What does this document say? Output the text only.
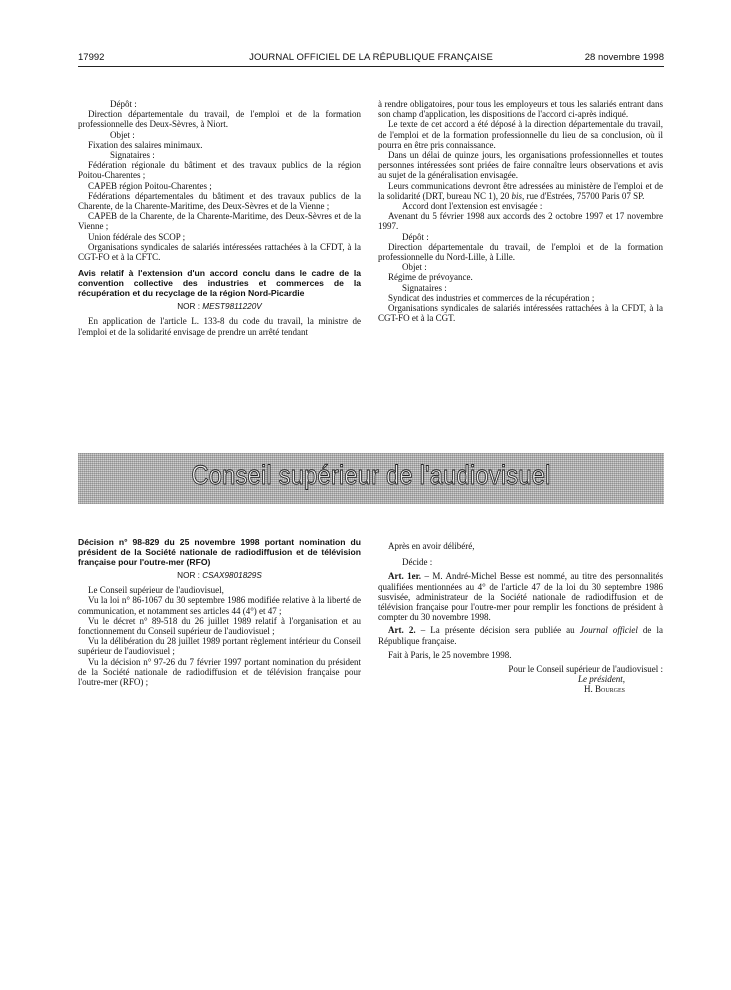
JOURNAL OFFICIEL DE LA RÉPUBLIQUE FRANÇAISE
17992	28 novembre 1998

Dépôt :

Direction départementale du travail, de l'emploi et de la formation professionnelle des Deux-Sèvres, à Niort.

Objet :

Fixation des salaires minimaux.

Signataires :

Fédération régionale du bâtiment et des travaux publics de la région Poitou-Charentes ;

CAPEB région Poitou-Charentes ;

Fédérations départementales du bâtiment et des travaux publics de la Charente, de la Charente-Maritime, des Deux-Sèvres et de la Vienne ;

CAPEB de la Charente, de la Charente-Maritime, des Deux-Sèvres et de la Vienne ;

Union fédérale des SCOP ;

Organisations syndicales de salariés intéressées rattachées à la CFDT, à la CGT-FO et à la CFTC.

Avis relatif à l'extension d'un accord conclu dans le cadre de la convention collective des industries et commerces de la récupération et du recyclage de la région Nord-Picardie

NOR : MESТ9811220V

En application de l'article L. 133-8 du code du travail, la ministre de l'emploi et de la solidarité envisage de prendre un arrêté tendant

à rendre obligatoires, pour tous les employeurs et tous les salariés entrant dans son champ d'application, les dispositions de l'accord ci-après indiqué.

Le texte de cet accord a été déposé à la direction départementale du travail, de l'emploi et de la formation professionnelle du lieu de sa conclusion, où il pourra en être pris connaissance.

Dans un délai de quinze jours, les organisations professionnelles et toutes personnes intéressées sont priées de faire connaître leurs observations et avis au sujet de la généralisation envisagée.

Leurs communications devront être adressées au ministère de l'emploi et de la solidarité (DRT, bureau NC 1), 20 bis, rue d'Estrées, 75700 Paris 07 SP.

Accord dont l'extension est envisagée :

Avenant du 5 février 1998 aux accords des 2 octobre 1997 et 17 novembre 1997.

Dépôt :

Direction départementale du travail, de l'emploi et de la formation professionnelle du Nord-Lille, à Lille.

Objet :

Régime de prévoyance.

Signataires :

Syndicat des industries et commerces de la récupération ;

Organisations syndicales de salariés intéressées rattachées à la CFDT, à la CGT-FO et à la CGT.

Conseil supérieur de l'audiovisuel

Décision n° 98-829 du 25 novembre 1998 portant nomination du président de la Société nationale de radiodiffusion et de télévision française pour l'outre-mer (RFO)

NOR : CSAX9801829S

Le Conseil supérieur de l'audiovisuel,

Vu la loi n° 86-1067 du 30 septembre 1986 modifiée relative à la liberté de communication, et notamment ses articles 44 (4°) et 47 ;

Vu le décret n° 89-518 du 26 juillet 1989 relatif à l'organisation et au fonctionnement du Conseil supérieur de l'audiovisuel ;

Vu la délibération du 28 juillet 1989 portant règlement intérieur du Conseil supérieur de l'audiovisuel ;

Vu la décision n° 97-26 du 7 février 1997 portant nomination du président de la Société nationale de radiodiffusion et de télévision française pour l'outre-mer (RFO) ;

Après en avoir délibéré,

Décide :

Art. 1er. – M. André-Michel Besse est nommé, au titre des personnalités qualifiées mentionnées au 4° de l'article 47 de la loi du 30 septembre 1986 susvisée, administrateur de la Société nationale de radiodiffusion et de télévision française pour l'outre-mer pour remplir les fonctions de président à compter du 30 novembre 1998.

Art. 2. – La présente décision sera publiée au Journal officiel de la République française.

Fait à Paris, le 25 novembre 1998.

Pour le Conseil supérieur de l'audiovisuel :

Le président,

H. Bourges
